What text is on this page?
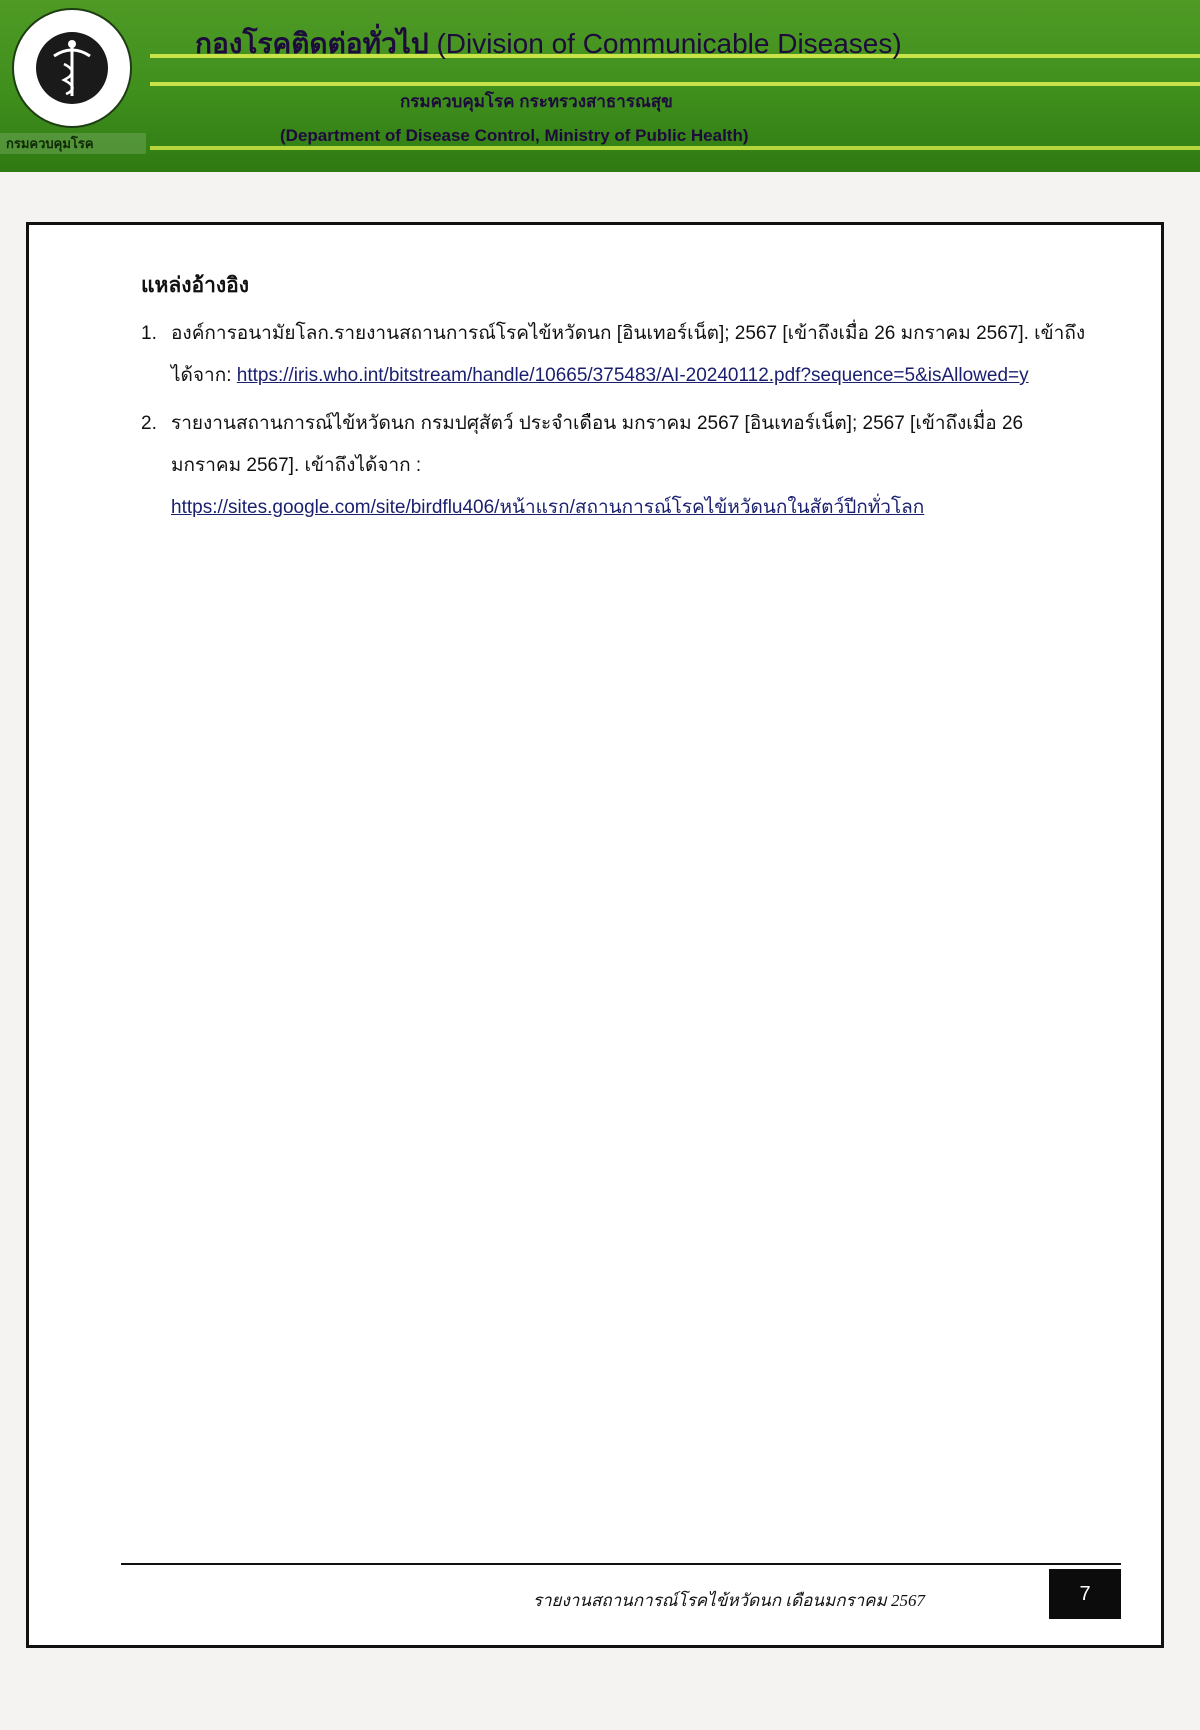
กรมควบคุมโรค
กองโรคติดต่อทั่วไป (Division of Communicable Diseases)
กรมควบคุมโรค กระทรวงสาธารณสุข
(Department of Disease Control, Ministry of Public Health)
แหล่งอ้างอิง
1. องค์การอนามัยโลก.รายงานสถานการณ์โรคไข้หวัดนก [อินเทอร์เน็ต]; 2567 [เข้าถึงเมื่อ 26 มกราคม 2567]. เข้าถึงได้จาก: https://iris.who.int/bitstream/handle/10665/375483/AI-20240112.pdf?sequence=5&isAllowed=y
2. รายงานสถานการณ์ไข้หวัดนก กรมปศุสัตว์ ประจำเดือน มกราคม 2567 [อินเทอร์เน็ต]; 2567 [เข้าถึงเมื่อ 26 มกราคม 2567]. เข้าถึงได้จาก :
https://sites.google.com/site/birdflu406/หน้าแรก/สถานการณ์โรคไข้หวัดนกในสัตว์ปีกทั่วโลก
รายงานสถานการณ์โรคไข้หวัดนก เดือนมกราคม 2567	7
